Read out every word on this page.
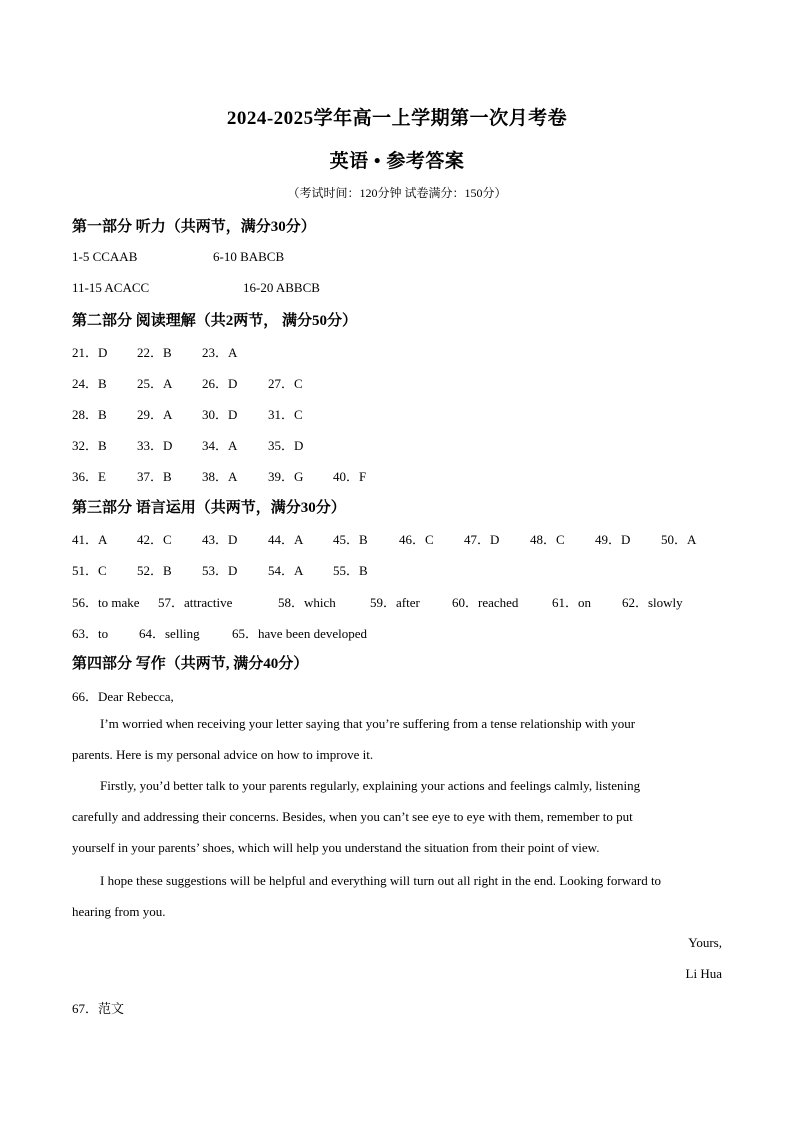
2024-2025学年高一上学期第一次月考卷
英语 • 参考答案
（考试时间：120分钟 试卷满分：150分）
第一部分 听力（共两节，满分30分）
1-5 CCAAB	6-10 BABCB
11-15 ACACC	16-20 ABBCB
第二部分 阅读理解（共2两节， 满分50分）
21．D 22．B 23．A
24．B 25．A 26．D 27．C
28．B 29．A 30．D 31．C
32．B 33．D 34．A 35．D
36．E 37．B 38．A 39．G 40．F
第三部分 语言运用（共两节，满分30分）
41．A 42．C 43．D 44．A 45．B 46．C 47．D 48．C 49．D 50．A
51．C 52．B 53．D 54．A 55．B
56．to make 57．attractive	58．which	59．after 60．reached	61．on 62．slowly
63．to 64．selling 65．have been developed
第四部分 写作（共两节, 满分40分）
66．Dear Rebecca,
I’m worried when receiving your letter saying that you’re suffering from a tense relationship with your
parents. Here is my personal advice on how to improve it.
Firstly, you’d better talk to your parents regularly, explaining your actions and feelings calmly, listening
carefully and addressing their concerns. Besides, when you can’t see eye to eye with them, remember to put
yourself in your parents’ shoes, which will help you understand the situation from their point of view.
I hope these suggestions will be helpful and everything will turn out all right in the end. Looking forward to
hearing from you.
Yours,
Li Hua
67．范文
